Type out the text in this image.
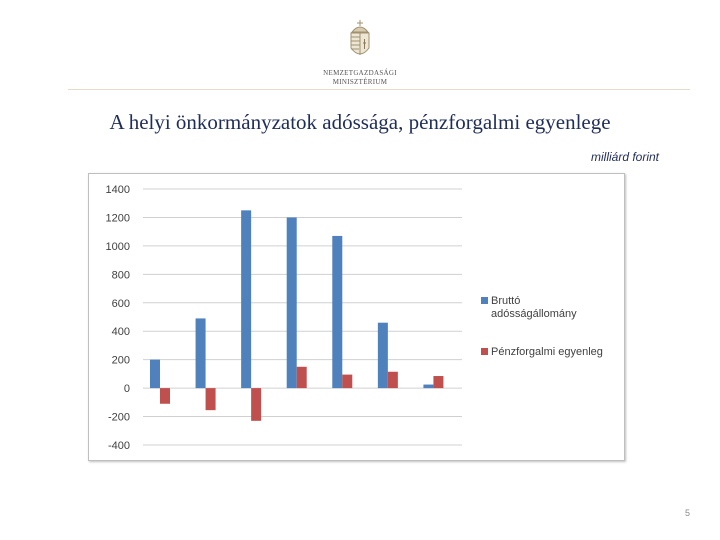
NEMZETGAZDASÁGI
MINISZTÉRIUM
A helyi önkormányzatok adóssága, pénzforgalmi egyenlege
milliárd forint
1400
1200
1000
800
600
400
200
0
-200
-400
Bruttó adósságállomány
Pénzforgalmi egyenleg
5
